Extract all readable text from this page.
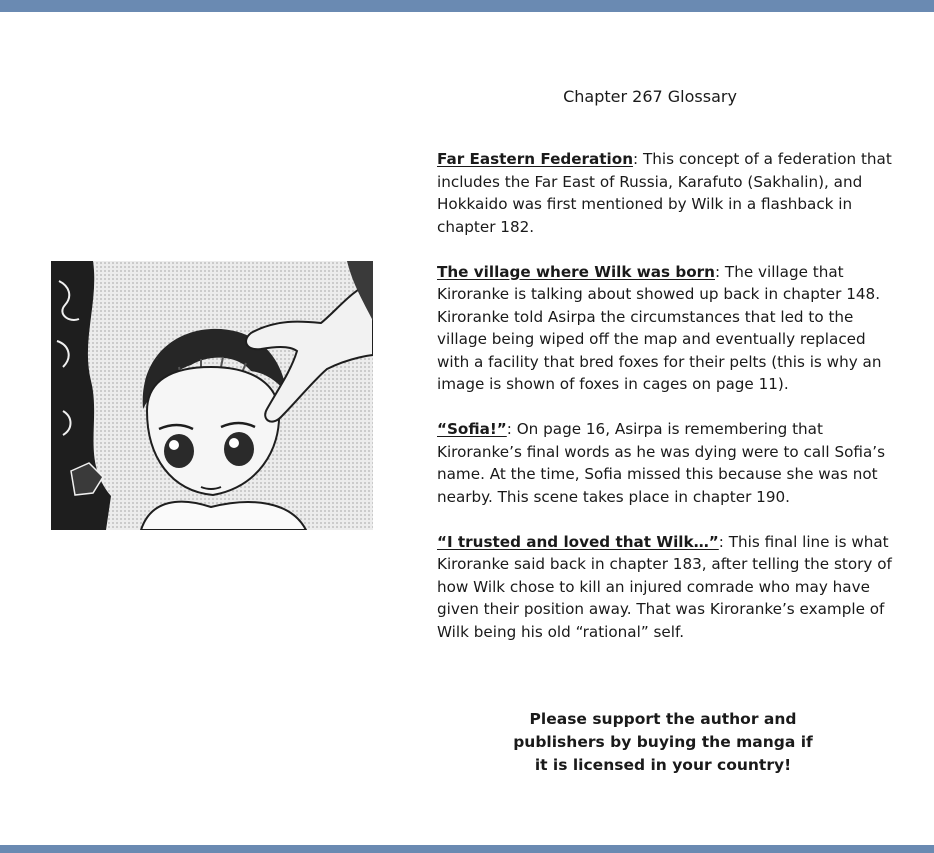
Chapter 267 Glossary

Far Eastern Federation: This concept of a federation that includes the Far East of Russia, Karafuto (Sakhalin), and Hokkaido was first mentioned by Wilk in a flashback in chapter 182.

The village where Wilk was born: The village that Kiroranke is talking about showed up back in chapter 148. Kiroranke told Asirpa the circumstances that led to the village being wiped off the map and eventually replaced with a facility that bred foxes for their pelts (this is why an image is shown of foxes in cages on page 11).

“Sofia!”: On page 16, Asirpa is remembering that Kiroranke’s final words as he was dying were to call Sofia’s name. At the time, Sofia missed this because she was not nearby. This scene takes place in chapter 190.

“I trusted and loved that Wilk…”: This final line is what Kiroranke said back in chapter 183, after telling the story of how Wilk chose to kill an injured comrade who may have given their position away. That was Kiroranke’s example of Wilk being his old “rational” self.

Please support the author and
publishers by buying the manga if
it is licensed in your country!
